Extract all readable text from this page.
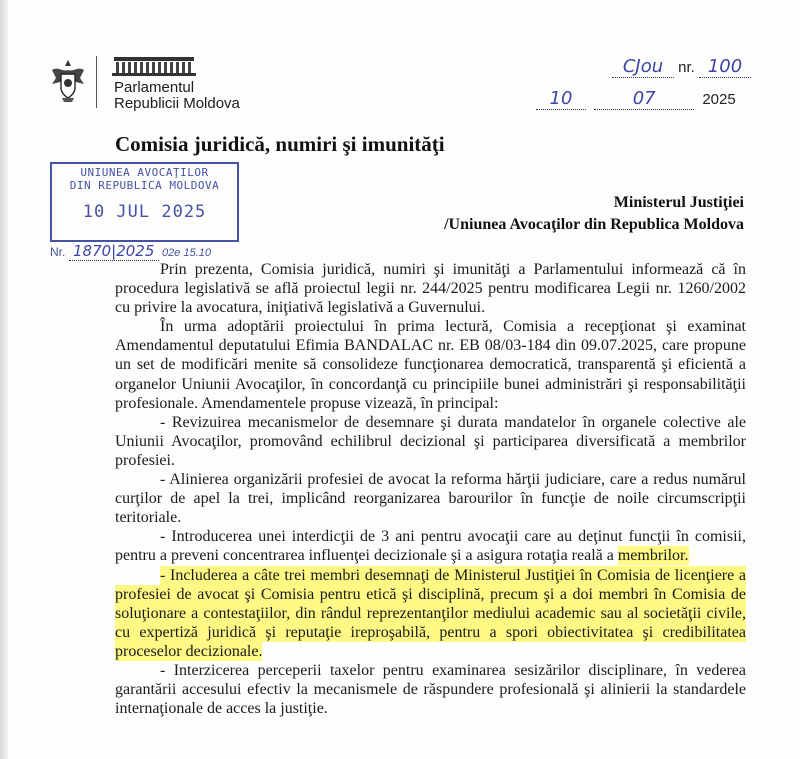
Parlamentul
Republicii Moldova
CJou nr. 100
10	07	2025
Comisia juridică, numiri şi imunităţi
UNIUNEA AVOCAŢILOR
DIN REPUBLICA MOLDOVA
10 JUL 2025
Nr. 1870|2025 02e 15.10
Ministerul Justiţiei
/Uniunea Avocaţilor din Republica Moldova

Prin prezenta, Comisia juridică, numiri şi imunităţi a Parlamentului informează că în procedura legislativă se află proiectul legii nr. 244/2025 pentru modificarea Legii nr. 1260/2002 cu privire la avocatura, iniţiativă legislativă a Guvernului.

În urma adoptării proiectului în prima lectură, Comisia a recepţionat şi examinat Amendamentul deputatului Efimia BANDALAC nr. EB 08/03-184 din 09.07.2025, care propune un set de modificări menite să consolideze funcţionarea democratică, transparentă şi eficientă a organelor Uniunii Avocaţilor, în concordanţă cu principiile bunei administrări şi responsabilităţii profesionale. Amendamentele propuse vizează, în principal:

- Revizuirea mecanismelor de desemnare şi durata mandatelor în organele colective ale Uniunii Avocaţilor, promovând echilibrul decizional şi participarea diversificată a membrilor profesiei.

- Alinierea organizării profesiei de avocat la reforma hărţii judiciare, care a redus numărul curţilor de apel la trei, implicând reorganizarea barourilor în funcţie de noile circumscripţii teritoriale.

- Introducerea unei interdicţii de 3 ani pentru avocaţii care au deţinut funcţii în comisii, pentru a preveni concentrarea influenţei decizionale şi a asigura rotaţia reală a membrilor.

- Includerea a câte trei membri desemnaţi de Ministerul Justiţiei în Comisia de licenţiere a profesiei de avocat şi Comisia pentru etică şi disciplină, precum şi a doi membri în Comisia de soluţionare a contestaţiilor, din rândul reprezentanţilor mediului academic sau al societăţii civile, cu expertiză juridică şi reputaţie ireproşabilă, pentru a spori obiectivitatea şi credibilitatea proceselor decizionale.

- Interzicerea perceperii taxelor pentru examinarea sesizărilor disciplinare, în vederea garantării accesului efectiv la mecanismele de răspundere profesională şi alinierii la standardele internaţionale de acces la justiţie.
